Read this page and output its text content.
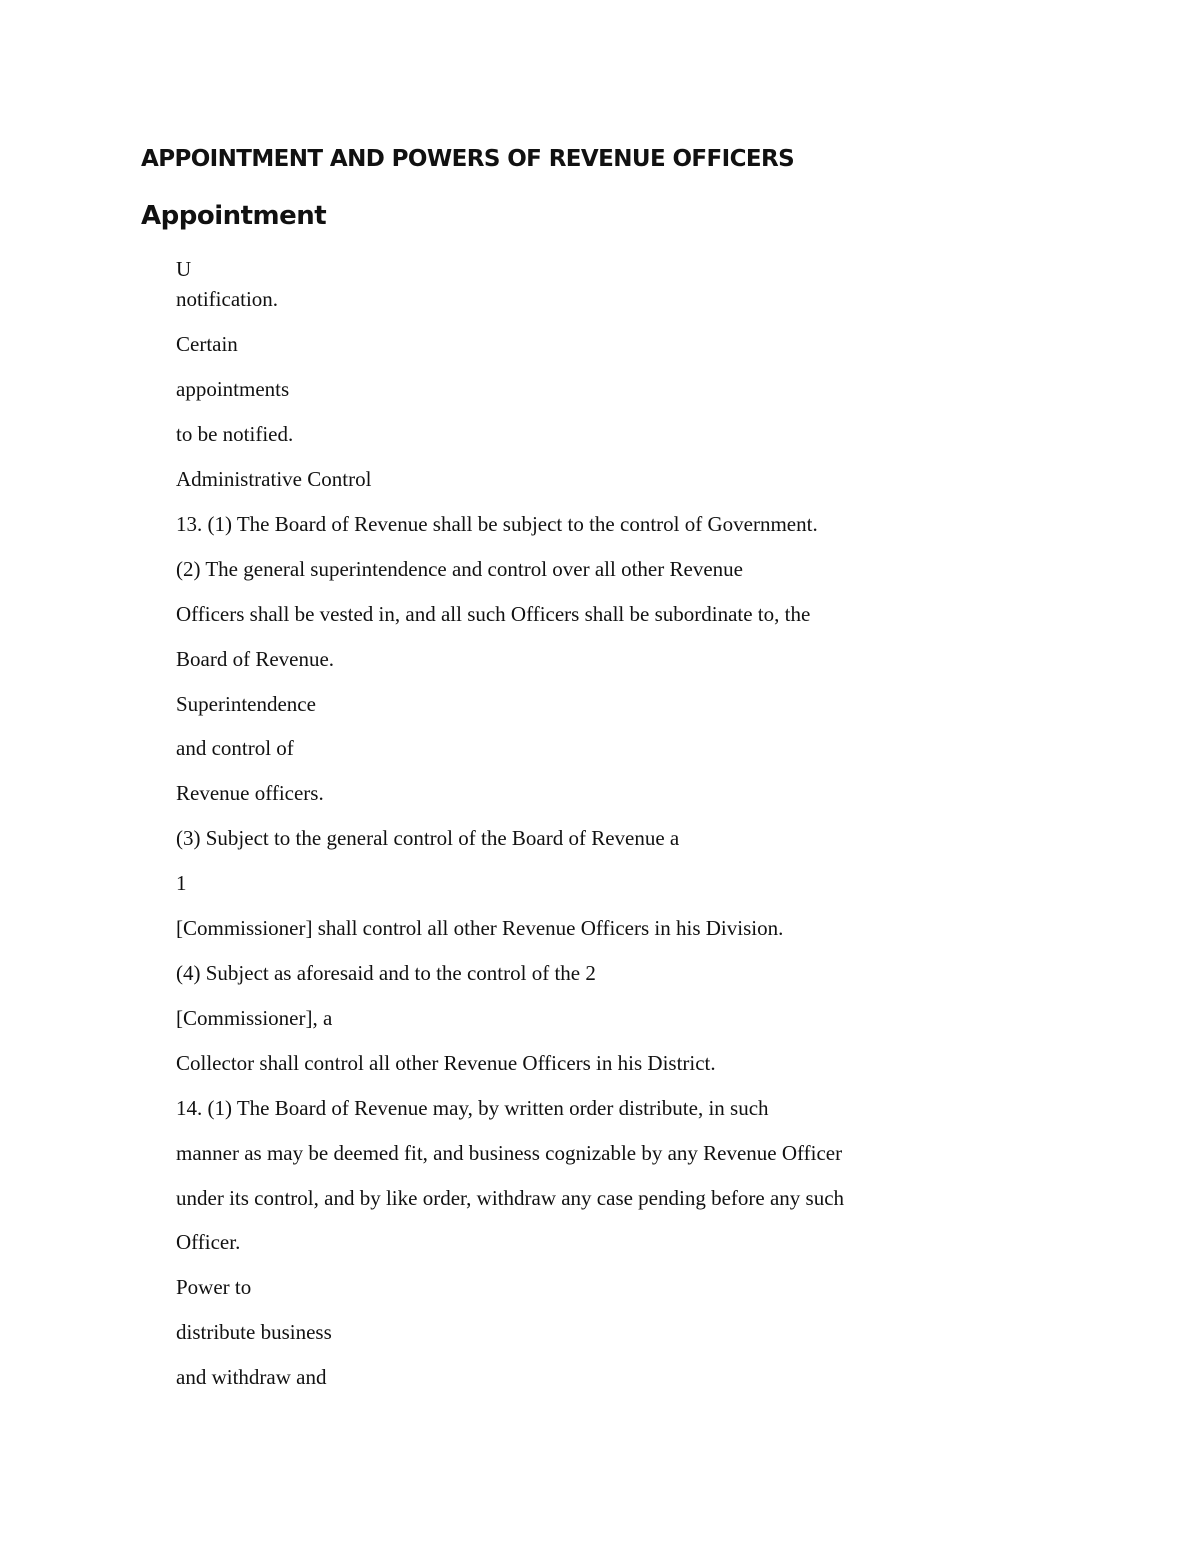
APPOINTMENT AND POWERS OF REVENUE OFFICERS
Appointment

U

notification.

Certain

appointments

to be notified.

Administrative Control

13. (1) The Board of Revenue shall be subject to the control of Government.

(2) The general superintendence and control over all other Revenue

Officers shall be vested in, and all such Officers shall be subordinate to, the

Board of Revenue.

Superintendence

and control of

Revenue officers.

(3) Subject to the general control of the Board of Revenue a

1

[Commissioner] shall control all other Revenue Officers in his Division.

(4) Subject as aforesaid and to the control of the 2

[Commissioner], a

Collector shall control all other Revenue Officers in his District.

14. (1) The Board of Revenue may, by written order distribute, in such

manner as may be deemed fit, and business cognizable by any Revenue Officer

under its control, and by like order, withdraw any case pending before any such

Officer.

Power to

distribute business

and withdraw and
